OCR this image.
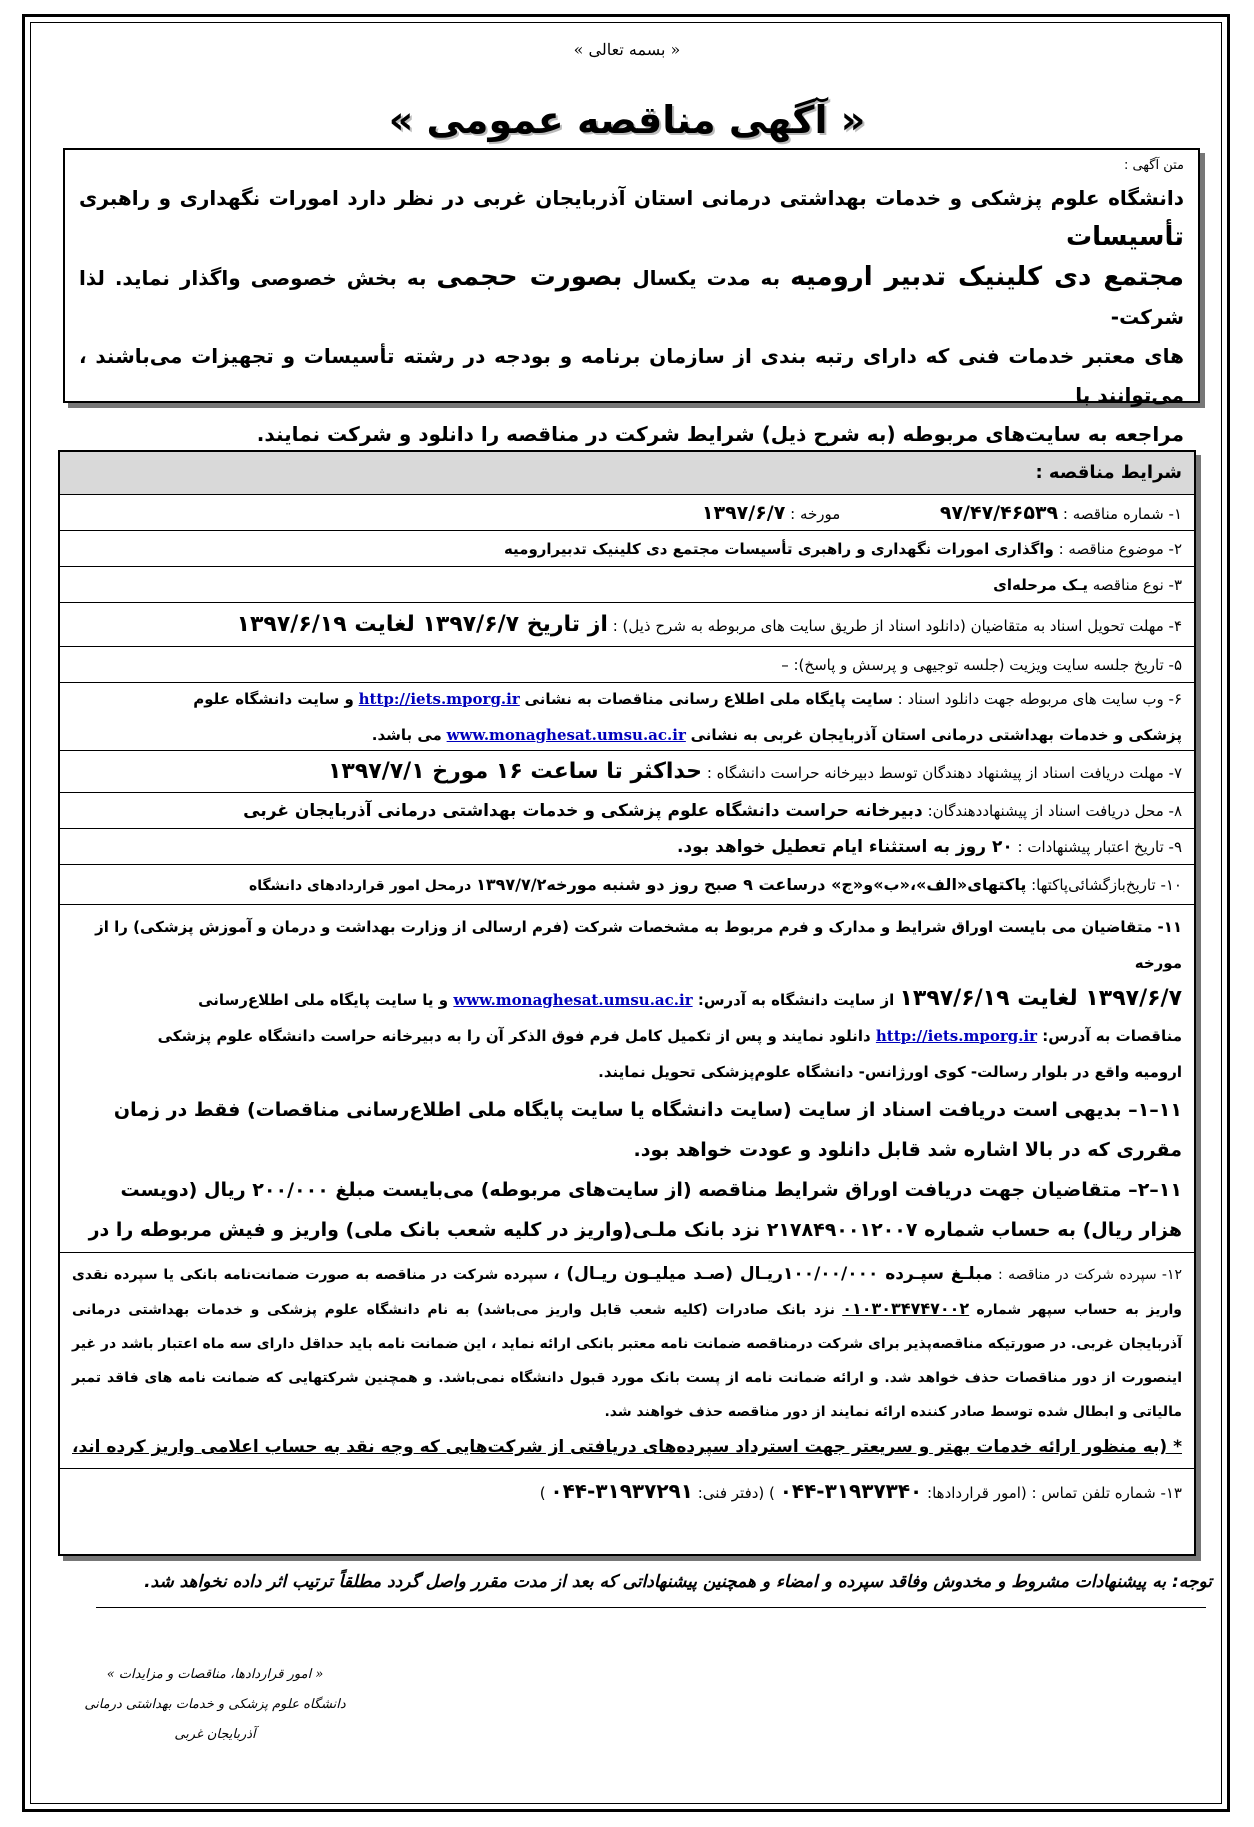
« بسمه تعالی »
« آگهی مناقصه عمومی »
متن آگهی :
دانشگاه علوم پزشکی و خدمات بهداشتی درمانی استان آذربایجان غربی در نظر دارد امورات نگهداری و راهبری تأسیسات
مجتمع دی کلینیک تدبیر ارومیه به مدت یکسال بصورت حجمی به بخش خصوصی واگذار نماید. لذا شرکت-
های معتبر خدمات فنی که دارای رتبه بندی از سازمان برنامه و بودجه در رشته تأسیسات و تجهیزات می‌باشند ، می‌توانند با
مراجعه به سایت‌های مربوطه (به شرح ذیل) شرایط شرکت در مناقصه را دانلود و شرکت نمایند.
شرایط مناقصه :
۱- شماره مناقصه : ۹۷/۴۷/۴۶۵۳۹  مورخه : ۱۳۹۷/۶/۷
۲- موضوع مناقصه : واگذاری امورات نگهداری و راهبری تأسیسات مجتمع دی کلینیک تدبیرارومیه
۳- نوع مناقصه یـک مرحله‌ای
۴- مهلت تحویل اسناد به متقاضیان (دانلود اسناد از طریق سایت های مربوطه به شرح ذیل) : از تاریخ ۱۳۹۷/۶/۷ لغایت ۱۳۹۷/۶/۱۹
۵- تاریخ جلسه سایت ویزیت (جلسه توجیهی و پرسش و پاسخ): –
۶- وب سایت های مربوطه جهت دانلود اسناد : سایت پایگاه ملی اطلاع رسانی مناقصات به نشانی http://iets.mporg.ir و سایت دانشگاه علوم
پزشکی و خدمات بهداشتی درمانی استان آذربایجان غربی به نشانی www.monaghesat.umsu.ac.ir می باشد.
۷- مهلت دریافت اسناد از پیشنهاد دهندگان توسط دبیرخانه حراست دانشگاه : حداکثر تا ساعت ۱۶ مورخ ۱۳۹۷/۷/۱
۸- محل دریافت اسناد از پیشنهاددهندگان: دبیرخانه حراست دانشگاه علوم پزشکی و خدمات بهداشتی درمانی آذربایجان غربی
۹- تاریخ اعتبار پیشنهادات : ۲۰ روز به استثناء ایام تعطیل خواهد بود.
۱۰- تاریخ‌بازگشائی‌پاکتها: پاکتهای«الف»،«ب»و«ج» درساعت ۹ صبح روز دو شنبه مورخه۱۳۹۷/۷/۲ درمحل امور قراردادهای دانشگاه
۱۱- متقاضیان می بایست اوراق شرایط و مدارک و فرم مربوط به مشخصات شرکت (فرم ارسالی از وزارت بهداشت و درمان و آموزش پزشکی) را از مورخه
۱۳۹۷/۶/۷ لغایت ۱۳۹۷/۶/۱۹ از سایت دانشگاه به آدرس: www.monaghesat.umsu.ac.ir و یا سایت پایگاه ملی اطلاع‌رسانی
مناقصات به آدرس: http://iets.mporg.ir دانلود نمایند و پس از تکمیل کامل فرم فوق الذکر آن را به دبیرخانه حراست دانشگاه علوم پزشکی
ارومیه واقع در بلوار رسالت- کوی اورژانس- دانشگاه علوم‌پزشکی تحویل نمایند.
۱۱–۱– بدیهی است دریافت اسناد از سایت (سایت دانشگاه یا سایت پایگاه ملی اطلاع‌رسانی مناقصات) فقط در زمان مقرری که در بالا اشاره شد قابل دانلود و عودت خواهد بود.
۱۱–۲– متقاضیان جهت دریافت اوراق شرایط مناقصه (از سایت‌های مربوطه) می‌بایست مبلغ ۲۰۰/۰۰۰ ریال (دویست هزار ریال) به حساب شماره ۲۱۷۸۴۹۰۰۱۲۰۰۷ نزد بانک ملـی(واریز در کلیه شعب بانک ملی) واریز و فیش مربوطه را در
۱۲- سپرده شرکت در مناقصه : مبلـغ سپـرده ۱۰۰/۰۰/۰۰۰ریـال (صـد میلیـون ریـال) ، سپرده شرکت در مناقصه به صورت ضمانت‌نامه بانکی یا سپرده نقدی واریز به حساب سپهر شماره ۰۱۰۳۰۳۴۷۴۷۰۰۲ نزد بانک صادرات (کلیه شعب قابل واریز می‌باشد) به نام دانشگاه علوم پزشکی و خدمات بهداشتی درمانی آذربایجان غربی. در صورتیکه مناقصه‌پذیر برای شرکت درمناقصه ضمانت نامه معتبر بانکی ارائه نماید ، این ضمانت نامه باید حداقل دارای سه ماه اعتبار باشد در غیر اینصورت از دور مناقصات حذف خواهد شد. و ارائه ضمانت نامه از پست بانک مورد قبول دانشگاه نمی‌باشد. و همچنین شرکتهایی که ضمانت نامه های فاقد تمبر مالیاتی و ابطال شده توسط صادر کننده ارائه نمایند از دور مناقصه حذف خواهند شد.
* (به منظور ارائه خدمات بهتر و سریعتر جهت استرداد سپرده‌های دریافتی از شرکت‌هایی که وجه نقد به حساب اعلامی واریز کرده اند،
۱۳- شماره تلفن تماس : (امور قراردادها: ۰۴۴-۳۱۹۳۷۳۴۰ ) (دفتر فنی: ۰۴۴-۳۱۹۳۷۲۹۱ )
توجه: به پیشنهادات مشروط و مخدوش وفاقد سپرده و امضاء و همچنین پیشنهاداتی که بعد از مدت مقرر واصل گردد مطلقاً ترتیب اثر داده نخواهد شد.
« امور قراردادها، مناقصات و مزایدات »
دانشگاه علوم پزشکی و خدمات بهداشتی درمانی آذربایجان غربی
